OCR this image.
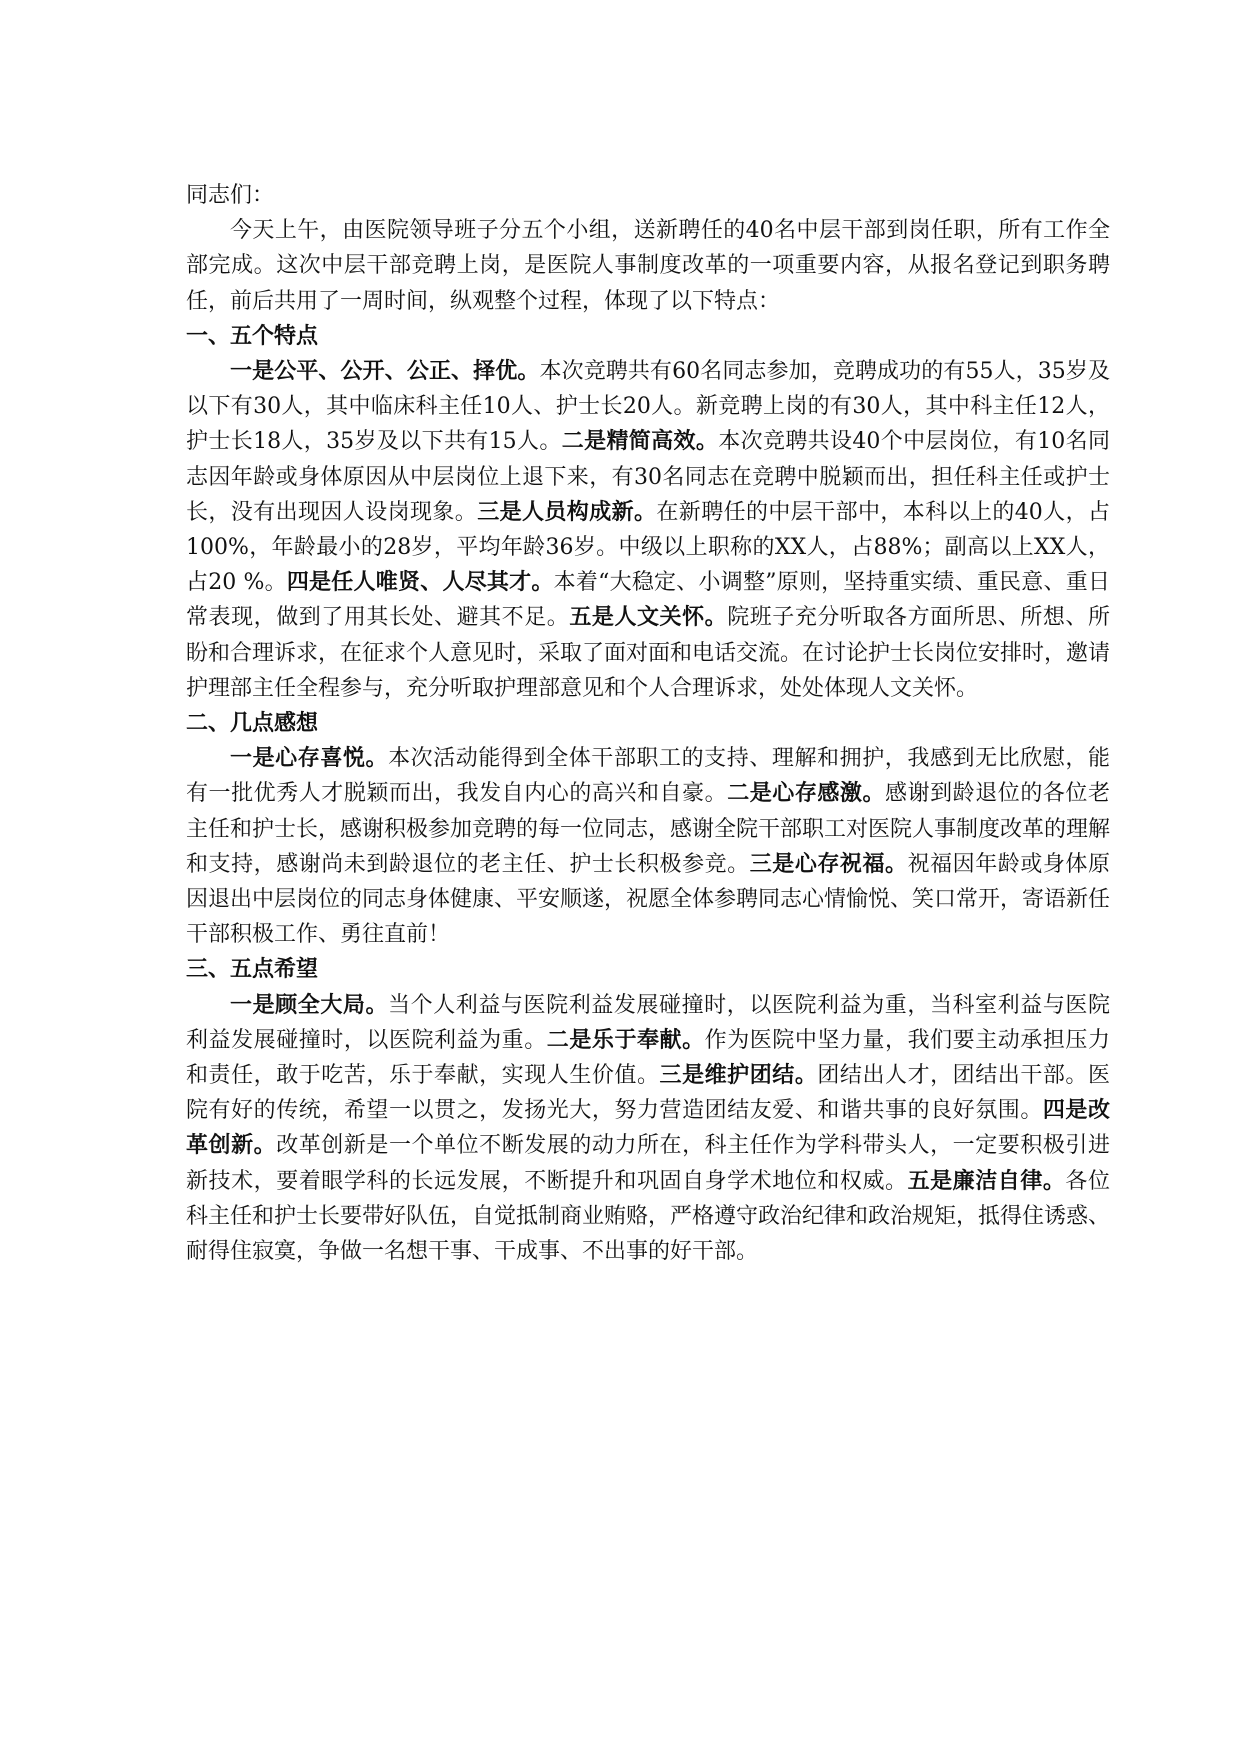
同志们：

今天上午，由医院领导班子分五个小组，送新聘任的40名中层干部到岗任职，所有工作全部完成。这次中层干部竞聘上岗，是医院人事制度改革的一项重要内容，从报名登记到职务聘任，前后共用了一周时间，纵观整个过程，体现了以下特点：

一、五个特点

一是公平、公开、公正、择优。本次竞聘共有60名同志参加，竞聘成功的有55人，35岁及以下有30人，其中临床科主任10人、护士长20人。新竞聘上岗的有30人，其中科主任12人，护士长18人，35岁及以下共有15人。二是精简高效。本次竞聘共设40个中层岗位，有10名同志因年龄或身体原因从中层岗位上退下来，有30名同志在竞聘中脱颖而出，担任科主任或护士长，没有出现因人设岗现象。三是人员构成新。在新聘任的中层干部中，本科以上的40人，占100%，年龄最小的28岁，平均年龄36岁。中级以上职称的XX人，占88%；副高以上XX人，占20 %。四是任人唯贤、人尽其才。本着“大稳定、小调整”原则，坚持重实绩、重民意、重日常表现，做到了用其长处、避其不足。五是人文关怀。院班子充分听取各方面所思、所想、所盼和合理诉求，在征求个人意见时，采取了面对面和电话交流。在讨论护士长岗位安排时，邀请护理部主任全程参与，充分听取护理部意见和个人合理诉求，处处体现人文关怀。

二、几点感想

一是心存喜悦。本次活动能得到全体干部职工的支持、理解和拥护，我感到无比欣慰，能有一批优秀人才脱颖而出，我发自内心的高兴和自豪。二是心存感激。感谢到龄退位的各位老主任和护士长，感谢积极参加竞聘的每一位同志，感谢全院干部职工对医院人事制度改革的理解和支持，感谢尚未到龄退位的老主任、护士长积极参竞。三是心存祝福。祝福因年龄或身体原因退出中层岗位的同志身体健康、平安顺遂，祝愿全体参聘同志心情愉悦、笑口常开，寄语新任干部积极工作、勇往直前！

三、五点希望

一是顾全大局。当个人利益与医院利益发展碰撞时，以医院利益为重，当科室利益与医院利益发展碰撞时，以医院利益为重。二是乐于奉献。作为医院中坚力量，我们要主动承担压力和责任，敢于吃苦，乐于奉献，实现人生价值。三是维护团结。团结出人才，团结出干部。医院有好的传统，希望一以贯之，发扬光大，努力营造团结友爱、和谐共事的良好氛围。四是改革创新。改革创新是一个单位不断发展的动力所在，科主任作为学科带头人，一定要积极引进新技术，要着眼学科的长远发展，不断提升和巩固自身学术地位和权威。五是廉洁自律。各位科主任和护士长要带好队伍，自觉抵制商业贿赂，严格遵守政治纪律和政治规矩，抵得住诱惑、耐得住寂寞，争做一名想干事、干成事、不出事的好干部。
